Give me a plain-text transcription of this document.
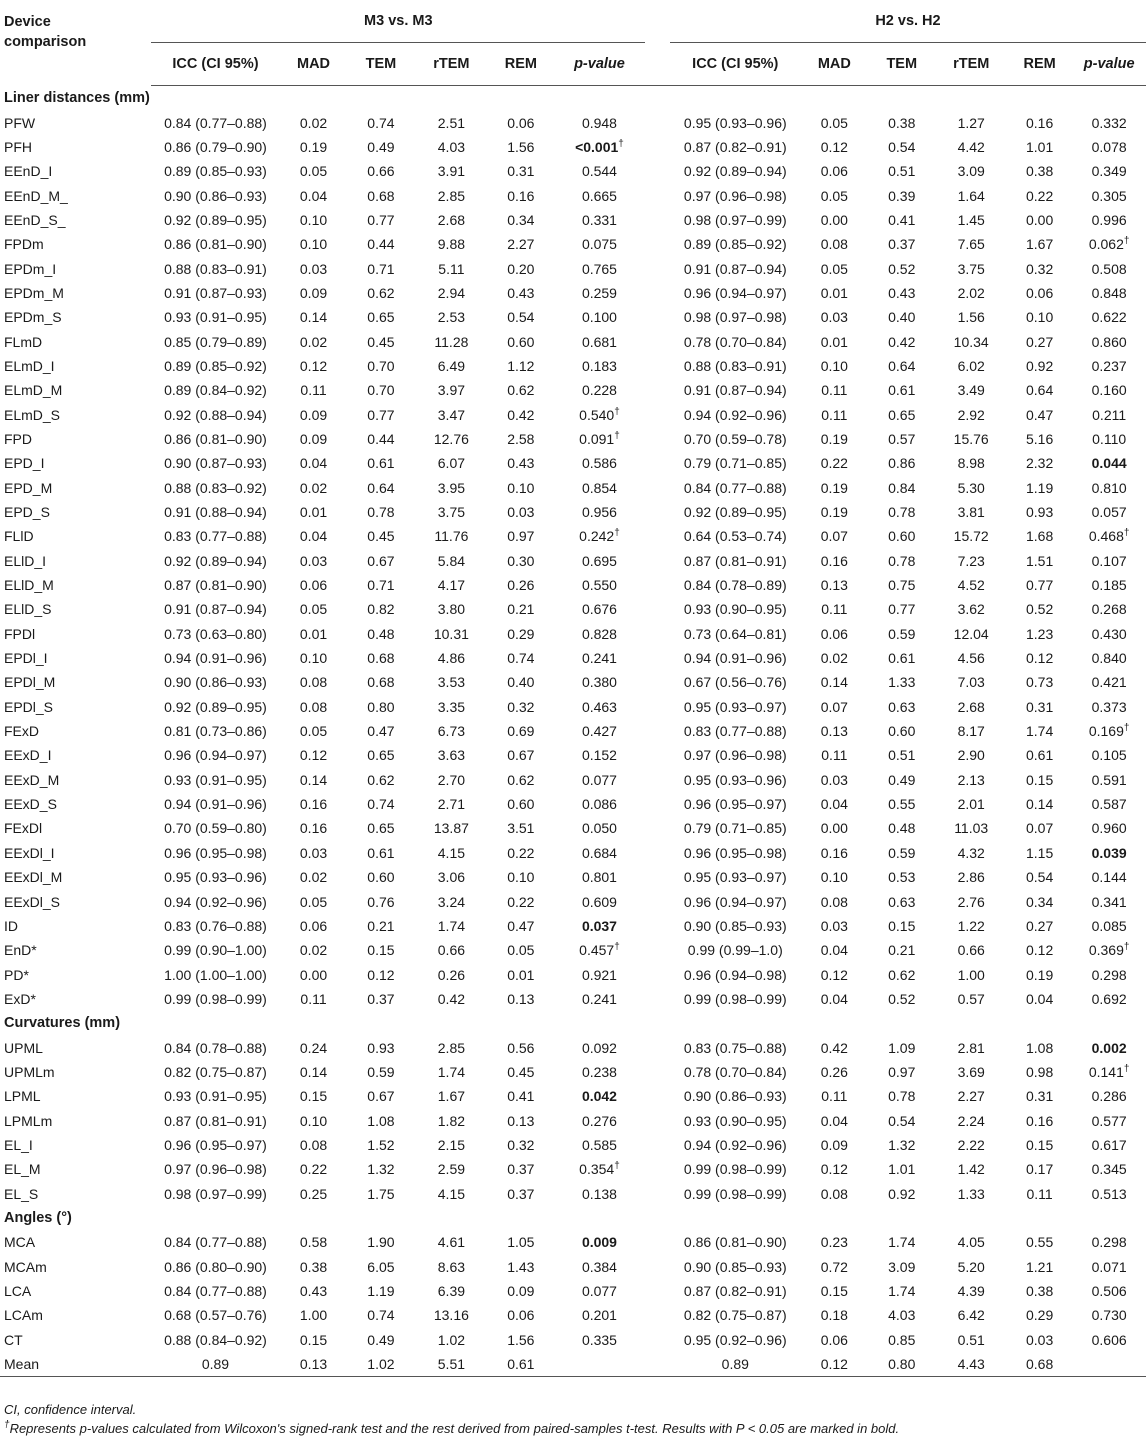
Device
comparison	M3 vs. M3							H2 vs. H2					
	ICC (CI 95%)	MAD	TEM	rTEM	REM	p-value		ICC (CI 95%)	MAD	TEM	rTEM	REM	p-value
Liner distances (mm)													
PFW	0.84 (0.77–0.88)	0.02	0.74	2.51	0.06	0.948		0.95 (0.93–0.96)	0.05	0.38	1.27	0.16	0.332
PFH	0.86 (0.79–0.90)	0.19	0.49	4.03	1.56	<0.001†		0.87 (0.82–0.91)	0.12	0.54	4.42	1.01	0.078
EEnD_I	0.89 (0.85–0.93)	0.05	0.66	3.91	0.31	0.544		0.92 (0.89–0.94)	0.06	0.51	3.09	0.38	0.349
EEnD_M_	0.90 (0.86–0.93)	0.04	0.68	2.85	0.16	0.665		0.97 (0.96–0.98)	0.05	0.39	1.64	0.22	0.305
EEnD_S_	0.92 (0.89–0.95)	0.10	0.77	2.68	0.34	0.331		0.98 (0.97–0.99)	0.00	0.41	1.45	0.00	0.996
FPDm	0.86 (0.81–0.90)	0.10	0.44	9.88	2.27	0.075		0.89 (0.85–0.92)	0.08	0.37	7.65	1.67	0.062†
EPDm_I	0.88 (0.83–0.91)	0.03	0.71	5.11	0.20	0.765		0.91 (0.87–0.94)	0.05	0.52	3.75	0.32	0.508
EPDm_M	0.91 (0.87–0.93)	0.09	0.62	2.94	0.43	0.259		0.96 (0.94–0.97)	0.01	0.43	2.02	0.06	0.848
EPDm_S	0.93 (0.91–0.95)	0.14	0.65	2.53	0.54	0.100		0.98 (0.97–0.98)	0.03	0.40	1.56	0.10	0.622
FLmD	0.85 (0.79–0.89)	0.02	0.45	11.28	0.60	0.681		0.78 (0.70–0.84)	0.01	0.42	10.34	0.27	0.860
ELmD_I	0.89 (0.85–0.92)	0.12	0.70	6.49	1.12	0.183		0.88 (0.83–0.91)	0.10	0.64	6.02	0.92	0.237
ELmD_M	0.89 (0.84–0.92)	0.11	0.70	3.97	0.62	0.228		0.91 (0.87–0.94)	0.11	0.61	3.49	0.64	0.160
ELmD_S	0.92 (0.88–0.94)	0.09	0.77	3.47	0.42	0.540†		0.94 (0.92–0.96)	0.11	0.65	2.92	0.47	0.211
FPD	0.86 (0.81–0.90)	0.09	0.44	12.76	2.58	0.091†		0.70 (0.59–0.78)	0.19	0.57	15.76	5.16	0.110
EPD_I	0.90 (0.87–0.93)	0.04	0.61	6.07	0.43	0.586		0.79 (0.71–0.85)	0.22	0.86	8.98	2.32	0.044
EPD_M	0.88 (0.83–0.92)	0.02	0.64	3.95	0.10	0.854		0.84 (0.77–0.88)	0.19	0.84	5.30	1.19	0.810
EPD_S	0.91 (0.88–0.94)	0.01	0.78	3.75	0.03	0.956		0.92 (0.89–0.95)	0.19	0.78	3.81	0.93	0.057
FLlD	0.83 (0.77–0.88)	0.04	0.45	11.76	0.97	0.242†		0.64 (0.53–0.74)	0.07	0.60	15.72	1.68	0.468†
ELlD_I	0.92 (0.89–0.94)	0.03	0.67	5.84	0.30	0.695		0.87 (0.81–0.91)	0.16	0.78	7.23	1.51	0.107
ELlD_M	0.87 (0.81–0.90)	0.06	0.71	4.17	0.26	0.550		0.84 (0.78–0.89)	0.13	0.75	4.52	0.77	0.185
ELlD_S	0.91 (0.87–0.94)	0.05	0.82	3.80	0.21	0.676		0.93 (0.90–0.95)	0.11	0.77	3.62	0.52	0.268
FPDl	0.73 (0.63–0.80)	0.01	0.48	10.31	0.29	0.828		0.73 (0.64–0.81)	0.06	0.59	12.04	1.23	0.430
EPDl_I	0.94 (0.91–0.96)	0.10	0.68	4.86	0.74	0.241		0.94 (0.91–0.96)	0.02	0.61	4.56	0.12	0.840
EPDl_M	0.90 (0.86–0.93)	0.08	0.68	3.53	0.40	0.380		0.67 (0.56–0.76)	0.14	1.33	7.03	0.73	0.421
EPDl_S	0.92 (0.89–0.95)	0.08	0.80	3.35	0.32	0.463		0.95 (0.93–0.97)	0.07	0.63	2.68	0.31	0.373
FExD	0.81 (0.73–0.86)	0.05	0.47	6.73	0.69	0.427		0.83 (0.77–0.88)	0.13	0.60	8.17	1.74	0.169†
EExD_I	0.96 (0.94–0.97)	0.12	0.65	3.63	0.67	0.152		0.97 (0.96–0.98)	0.11	0.51	2.90	0.61	0.105
EExD_M	0.93 (0.91–0.95)	0.14	0.62	2.70	0.62	0.077		0.95 (0.93–0.96)	0.03	0.49	2.13	0.15	0.591
EExD_S	0.94 (0.91–0.96)	0.16	0.74	2.71	0.60	0.086		0.96 (0.95–0.97)	0.04	0.55	2.01	0.14	0.587
FExDl	0.70 (0.59–0.80)	0.16	0.65	13.87	3.51	0.050		0.79 (0.71–0.85)	0.00	0.48	11.03	0.07	0.960
EExDl_I	0.96 (0.95–0.98)	0.03	0.61	4.15	0.22	0.684		0.96 (0.95–0.98)	0.16	0.59	4.32	1.15	0.039
EExDl_M	0.95 (0.93–0.96)	0.02	0.60	3.06	0.10	0.801		0.95 (0.93–0.97)	0.10	0.53	2.86	0.54	0.144
EExDl_S	0.94 (0.92–0.96)	0.05	0.76	3.24	0.22	0.609		0.96 (0.94–0.97)	0.08	0.63	2.76	0.34	0.341
ID	0.83 (0.76–0.88)	0.06	0.21	1.74	0.47	0.037		0.90 (0.85–0.93)	0.03	0.15	1.22	0.27	0.085
EnD*	0.99 (0.90–1.00)	0.02	0.15	0.66	0.05	0.457†		0.99 (0.99–1.0)	0.04	0.21	0.66	0.12	0.369†
PD*	1.00 (1.00–1.00)	0.00	0.12	0.26	0.01	0.921		0.96 (0.94–0.98)	0.12	0.62	1.00	0.19	0.298
ExD*	0.99 (0.98–0.99)	0.11	0.37	0.42	0.13	0.241		0.99 (0.98–0.99)	0.04	0.52	0.57	0.04	0.692
Curvatures (mm)													
UPML	0.84 (0.78–0.88)	0.24	0.93	2.85	0.56	0.092		0.83 (0.75–0.88)	0.42	1.09	2.81	1.08	0.002
UPMLm	0.82 (0.75–0.87)	0.14	0.59	1.74	0.45	0.238		0.78 (0.70–0.84)	0.26	0.97	3.69	0.98	0.141†
LPML	0.93 (0.91–0.95)	0.15	0.67	1.67	0.41	0.042		0.90 (0.86–0.93)	0.11	0.78	2.27	0.31	0.286
LPMLm	0.87 (0.81–0.91)	0.10	1.08	1.82	0.13	0.276		0.93 (0.90–0.95)	0.04	0.54	2.24	0.16	0.577
EL_I	0.96 (0.95–0.97)	0.08	1.52	2.15	0.32	0.585		0.94 (0.92–0.96)	0.09	1.32	2.22	0.15	0.617
EL_M	0.97 (0.96–0.98)	0.22	1.32	2.59	0.37	0.354†		0.99 (0.98–0.99)	0.12	1.01	1.42	0.17	0.345
EL_S	0.98 (0.97–0.99)	0.25	1.75	4.15	0.37	0.138		0.99 (0.98–0.99)	0.08	0.92	1.33	0.11	0.513
Angles (°)													
MCA	0.84 (0.77–0.88)	0.58	1.90	4.61	1.05	0.009		0.86 (0.81–0.90)	0.23	1.74	4.05	0.55	0.298
MCAm	0.86 (0.80–0.90)	0.38	6.05	8.63	1.43	0.384		0.90 (0.85–0.93)	0.72	3.09	5.20	1.21	0.071
LCA	0.84 (0.77–0.88)	0.43	1.19	6.39	0.09	0.077		0.87 (0.82–0.91)	0.15	1.74	4.39	0.38	0.506
LCAm	0.68 (0.57–0.76)	1.00	0.74	13.16	0.06	0.201		0.82 (0.75–0.87)	0.18	4.03	6.42	0.29	0.730
CT	0.88 (0.84–0.92)	0.15	0.49	1.02	1.56	0.335		0.95 (0.92–0.96)	0.06	0.85	0.51	0.03	0.606
Mean	0.89	0.13	1.02	5.51	0.61			0.89	0.12	0.80	4.43	0.68	
CI, confidence interval.
†Represents p-values calculated from Wilcoxon's signed-rank test and the rest derived from paired-samples t-test. Results with P < 0.05 are marked in bold.
